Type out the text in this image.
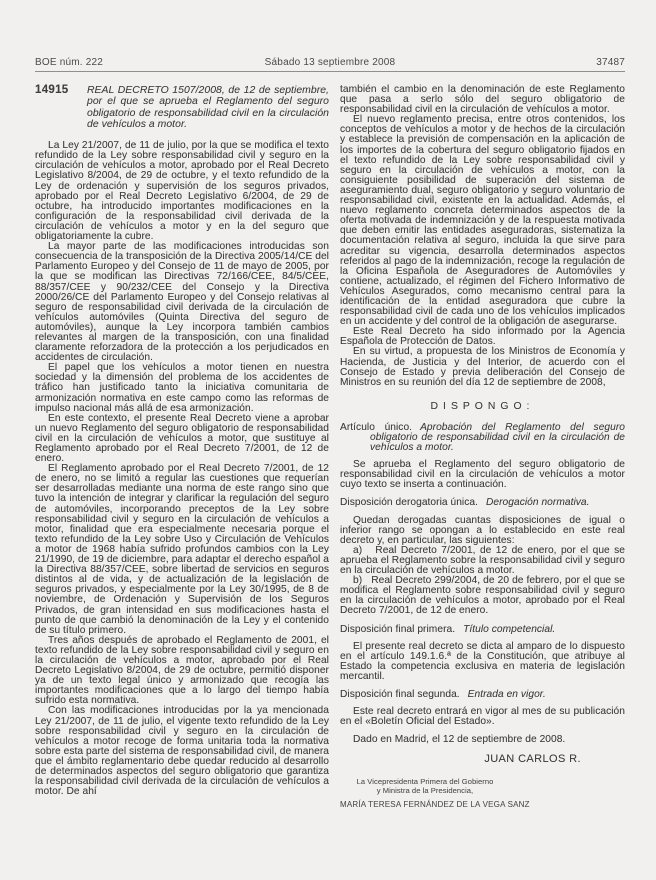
BOE núm. 222	Sábado 13 septiembre 2008	37487
14915	REAL DECRETO 1507/2008, de 12 de septiembre, por el que se aprueba el Reglamento del seguro obligatorio de responsabilidad civil en la circulación de vehículos a motor.

La Ley 21/2007, de 11 de julio, por la que se modifica el texto refundido de la Ley sobre responsabilidad civil y seguro en la circulación de vehículos a motor, aprobado por el Real Decreto Legislativo 8/2004, de 29 de octubre, y el texto refundido de la Ley de ordenación y supervisión de los seguros privados, aprobado por el Real Decreto Legislativo 6/2004, de 29 de octubre, ha introducido importantes modificaciones en la configuración de la responsabilidad civil derivada de la circulación de vehículos a motor y en la del seguro que obligatoriamente la cubre.

La mayor parte de las modificaciones introducidas son consecuencia de la transposición de la Directiva 2005/14/CE del Parlamento Europeo y del Consejo de 11 de mayo de 2005, por la que se modifican las Directivas 72/166/CEE, 84/5/CEE, 88/357/CEE y 90/232/CEE del Consejo y la Directiva 2000/26/CE del Parlamento Europeo y del Consejo relativas al seguro de responsabilidad civil derivada de la circulación de vehículos automóviles (Quinta Directiva del seguro de automóviles), aunque la Ley incorpora también cambios relevantes al margen de la transposición, con una finalidad claramente reforzadora de la protección a los perjudicados en accidentes de circulación.

El papel que los vehículos a motor tienen en nuestra sociedad y la dimensión del problema de los accidentes de tráfico han justificado tanto la iniciativa comunitaria de armonización normativa en este campo como las reformas de impulso nacional más allá de esa armonización.

En este contexto, el presente Real Decreto viene a aprobar un nuevo Reglamento del seguro obligatorio de responsabilidad civil en la circulación de vehículos a motor, que sustituye al Reglamento aprobado por el Real Decreto 7/2001, de 12 de enero.

El Reglamento aprobado por el Real Decreto 7/2001, de 12 de enero, no se limitó a regular las cuestiones que requerían ser desarrolladas mediante una norma de este rango sino que tuvo la intención de integrar y clarificar la regulación del seguro de automóviles, incorporando preceptos de la Ley sobre responsabilidad civil y seguro en la circulación de vehículos a motor, finalidad que era especialmente necesaria porque el texto refundido de la Ley sobre Uso y Circulación de Vehículos a motor de 1968 había sufrido profundos cambios con la Ley 21/1990, de 19 de diciembre, para adaptar el derecho español a la Directiva 88/357/CEE, sobre libertad de servicios en seguros distintos al de vida, y de actualización de la legislación de seguros privados, y especialmente por la Ley 30/1995, de 8 de noviembre, de Ordenación y Supervisión de los Seguros Privados, de gran intensidad en sus modificaciones hasta el punto de que cambió la denominación de la Ley y el contenido de su título primero.

Tres años después de aprobado el Reglamento de 2001, el texto refundido de la Ley sobre responsabilidad civil y seguro en la circulación de vehículos a motor, aprobado por el Real Decreto Legislativo 8/2004, de 29 de octubre, permitió disponer ya de un texto legal único y armonizado que recogía las importantes modificaciones que a lo largo del tiempo había sufrido esta normativa.

Con las modificaciones introducidas por la ya mencionada Ley 21/2007, de 11 de julio, el vigente texto refundido de la Ley sobre responsabilidad civil y seguro en la circulación de vehículos a motor recoge de forma unitaria toda la normativa sobre esta parte del sistema de responsabilidad civil, de manera que el ámbito reglamentario debe quedar reducido al desarrollo de determinados aspectos del seguro obligatorio que garantiza la responsabilidad civil derivada de la circulación de vehículos a motor. De ahí

también el cambio en la denominación de este Reglamento que pasa a serlo sólo del seguro obligatorio de responsabilidad civil en la circulación de vehículos a motor.

El nuevo reglamento precisa, entre otros contenidos, los conceptos de vehículos a motor y de hechos de la circulación y establece la previsión de compensación en la aplicación de los importes de la cobertura del seguro obligatorio fijados en el texto refundido de la Ley sobre responsabilidad civil y seguro en la circulación de vehículos a motor, con la consiguiente posibilidad de superación del sistema de aseguramiento dual, seguro obligatorio y seguro voluntario de responsabilidad civil, existente en la actualidad. Además, el nuevo reglamento concreta determinados aspectos de la oferta motivada de indemnización y de la respuesta motivada que deben emitir las entidades aseguradoras, sistematiza la documentación relativa al seguro, incluida la que sirve para acreditar su vigencia, desarrolla determinados aspectos referidos al pago de la indemnización, recoge la regulación de la Oficina Española de Aseguradores de Automóviles y contiene, actualizado, el régimen del Fichero Informativo de Vehículos Asegurados, como mecanismo central para la identificación de la entidad aseguradora que cubre la responsabilidad civil de cada uno de los vehículos implicados en un accidente y del control de la obligación de asegurarse.

Este Real Decreto ha sido informado por la Agencia Española de Protección de Datos.

En su virtud, a propuesta de los Ministros de Economía y Hacienda, de Justicia y del Interior, de acuerdo con el Consejo de Estado y previa deliberación del Consejo de Ministros en su reunión del día 12 de septiembre de 2008,

DISPONGO:
Artículo único. Aprobación del Reglamento del seguro obligatorio de responsabilidad civil en la circulación de vehículos a motor.

Se aprueba el Reglamento del seguro obligatorio de responsabilidad civil en la circulación de vehículos a motor cuyo texto se inserta a continuación.

Disposición derogatoria única. Derogación normativa.

Quedan derogadas cuantas disposiciones de igual o inferior rango se opongan a lo establecido en este real decreto y, en particular, las siguientes:

a)   Real Decreto 7/2001, de 12 de enero, por el que se aprueba el Reglamento sobre la responsabilidad civil y seguro en la circulación de vehículos a motor.

b)   Real Decreto 299/2004, de 20 de febrero, por el que se modifica el Reglamento sobre responsabilidad civil y seguro en la circulación de vehículos a motor, aprobado por el Real Decreto 7/2001, de 12 de enero.

Disposición final primera. Título competencial.

El presente real decreto se dicta al amparo de lo dispuesto en el artículo 149.1.6.ª de la Constitución, que atribuye al Estado la competencia exclusiva en materia de legislación mercantil.

Disposición final segunda. Entrada en vigor.

Este real decreto entrará en vigor al mes de su publicación en el «Boletín Oficial del Estado».

Dado en Madrid, el 12 de septiembre de 2008.

JUAN CARLOS R.
La Vicepresidenta Primera del Gobierno
y Ministra de la Presidencia,
MARÍA TERESA FERNÁNDEZ DE LA VEGA SANZ
